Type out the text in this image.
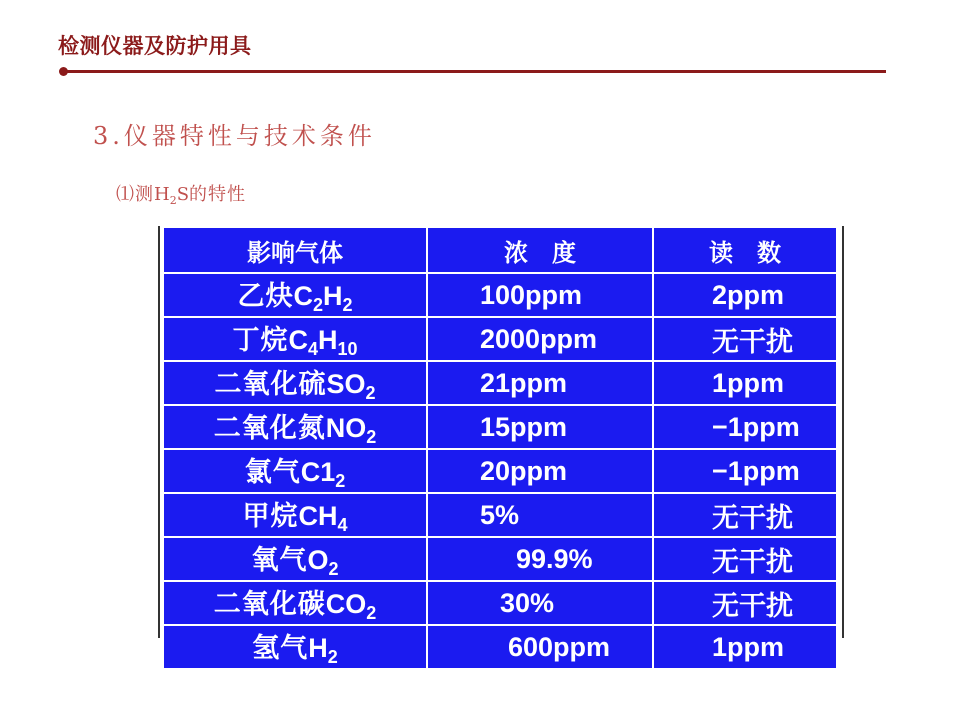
检测仪器及防护用具
3.仪器特性与技术条件
⑴测$H_2S$的特性
影响气体	浓　度	读　数
乙炔$C_2H_2$	100ppm	2ppm
丁烷$C_4H_{10}$	2000ppm	无干扰
二氧化硫$SO_2$	21ppm	1ppm
二氧化氮$NO_2$	15ppm	−1ppm
氯气$C1_2$	20ppm	−1ppm
甲烷$CH_4$	5%	无干扰
氧气$O_2$	99.9%	无干扰
二氧化碳$CO_2$	30%	无干扰
氢气$H_2$	600ppm	1ppm
